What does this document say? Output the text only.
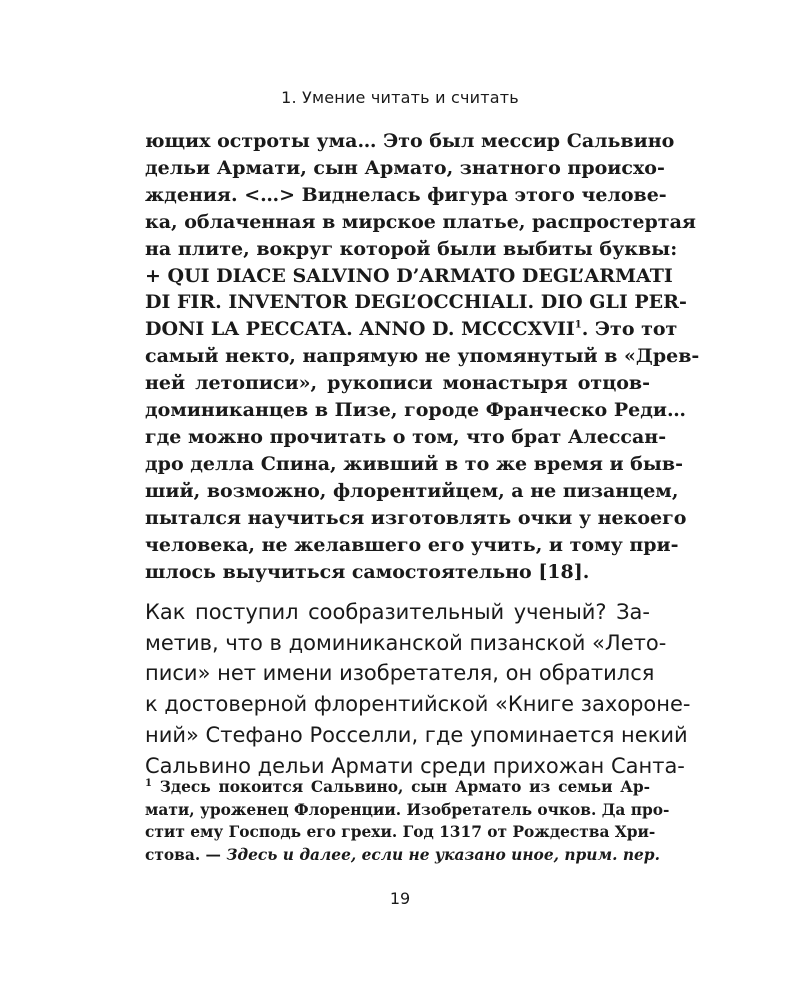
1. Умение читать и считать
ющих остроты ума… Это был мессир Сальвино
дельи Армати, сын Армато, знатного происхо-
ждения. <…> Виднелась фигура этого челове-
ка, облаченная в мирское платье, распростертая
на плите, вокруг которой были выбиты буквы:
+ QUI DIACE SALVINO D’ARMATO DEGL’ARMATI
DI FIR. INVENTOR DEGL’OCCHIALI. DIO GLI PER-
DONI LA PECCATA. ANNO D. MCCCXVII$^1$. Это тот
самый некто, напрямую не упомянутый в «Древ-
ней летописи», рукописи монастыря отцов-
доминиканцев в Пизе, городе Франческо Реди…
где можно прочитать о том, что брат Алессан-
дро делла Спина, живший в то же время и быв-
ший, возможно, флорентийцем, а не пизанцем,
пытался научиться изготовлять очки у некоего
человека, не желавшего его учить, и тому при-
шлось выучиться самостоятельно [18].
Как поступил сообразительный ученый? За-
метив, что в доминиканской пизанской «Лето-
писи» нет имени изобретателя, он обратился
к достоверной флорентийской «Книге захороне-
ний» Стефано Росселли, где упоминается некий
Сальвино дельи Армати среди прихожан Санта-
$^1$ Здесь покоится Сальвино, сын Армато из семьи Ар-
мати, уроженец Флоренции. Изобретатель очков. Да про-
стит ему Господь его грехи. Год 1317 от Рождества Хри-
стова. — Здесь и далее, если не указано иное, прим. пер.
19
